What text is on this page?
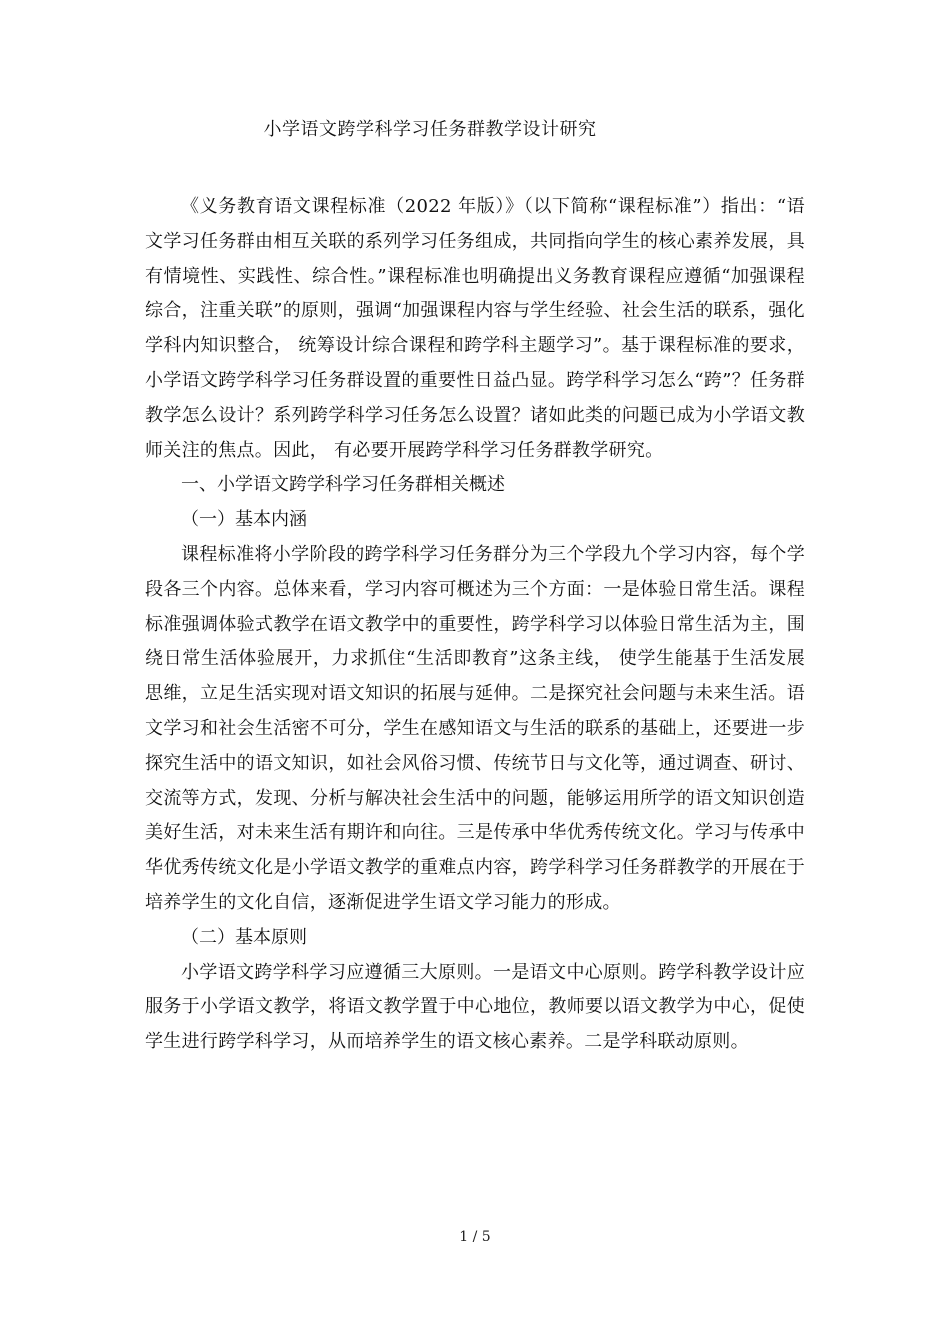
小学语文跨学科学习任务群教学设计研究

《义务教育语文课程标准（2022 年版）》（以下简称“课程标准”）指出：“语文学习任务群由相互关联的系列学习任务组成，共同指向学生的核心素养发展，具有情境性、实践性、综合性。”课程标准也明确提出义务教育课程应遵循“加强课程综合，注重关联”的原则，强调“加强课程内容与学生经验、社会生活的联系，强化学科内知识整合， 统筹设计综合课程和跨学科主题学习”。基于课程标准的要求，小学语文跨学科学习任务群设置的重要性日益凸显。跨学科学习怎么“跨”？任务群教学怎么设计？系列跨学科学习任务怎么设置？诸如此类的问题已成为小学语文教师关注的焦点。因此， 有必要开展跨学科学习任务群教学研究。

一、小学语文跨学科学习任务群相关概述

（一）基本内涵

课程标准将小学阶段的跨学科学习任务群分为三个学段九个学习内容，每个学段各三个内容。总体来看，学习内容可概述为三个方面：一是体验日常生活。课程标准强调体验式教学在语文教学中的重要性，跨学科学习以体验日常生活为主，围绕日常生活体验展开，力求抓住“生活即教育”这条主线， 使学生能基于生活发展思维，立足生活实现对语文知识的拓展与延伸。二是探究社会问题与未来生活。语文学习和社会生活密不可分，学生在感知语文与生活的联系的基础上，还要进一步探究生活中的语文知识，如社会风俗习惯、传统节日与文化等，通过调查、研讨、交流等方式，发现、分析与解决社会生活中的问题，能够运用所学的语文知识创造美好生活，对未来生活有期许和向往。三是传承中华优秀传统文化。学习与传承中华优秀传统文化是小学语文教学的重难点内容，跨学科学习任务群教学的开展在于培养学生的文化自信，逐渐促进学生语文学习能力的形成。

（二）基本原则

小学语文跨学科学习应遵循三大原则。一是语文中心原则。跨学科教学设计应服务于小学语文教学，将语文教学置于中心地位，教师要以语文教学为中心，促使学生进行跨学科学习，从而培养学生的语文核心素养。二是学科联动原则。

1 / 5
